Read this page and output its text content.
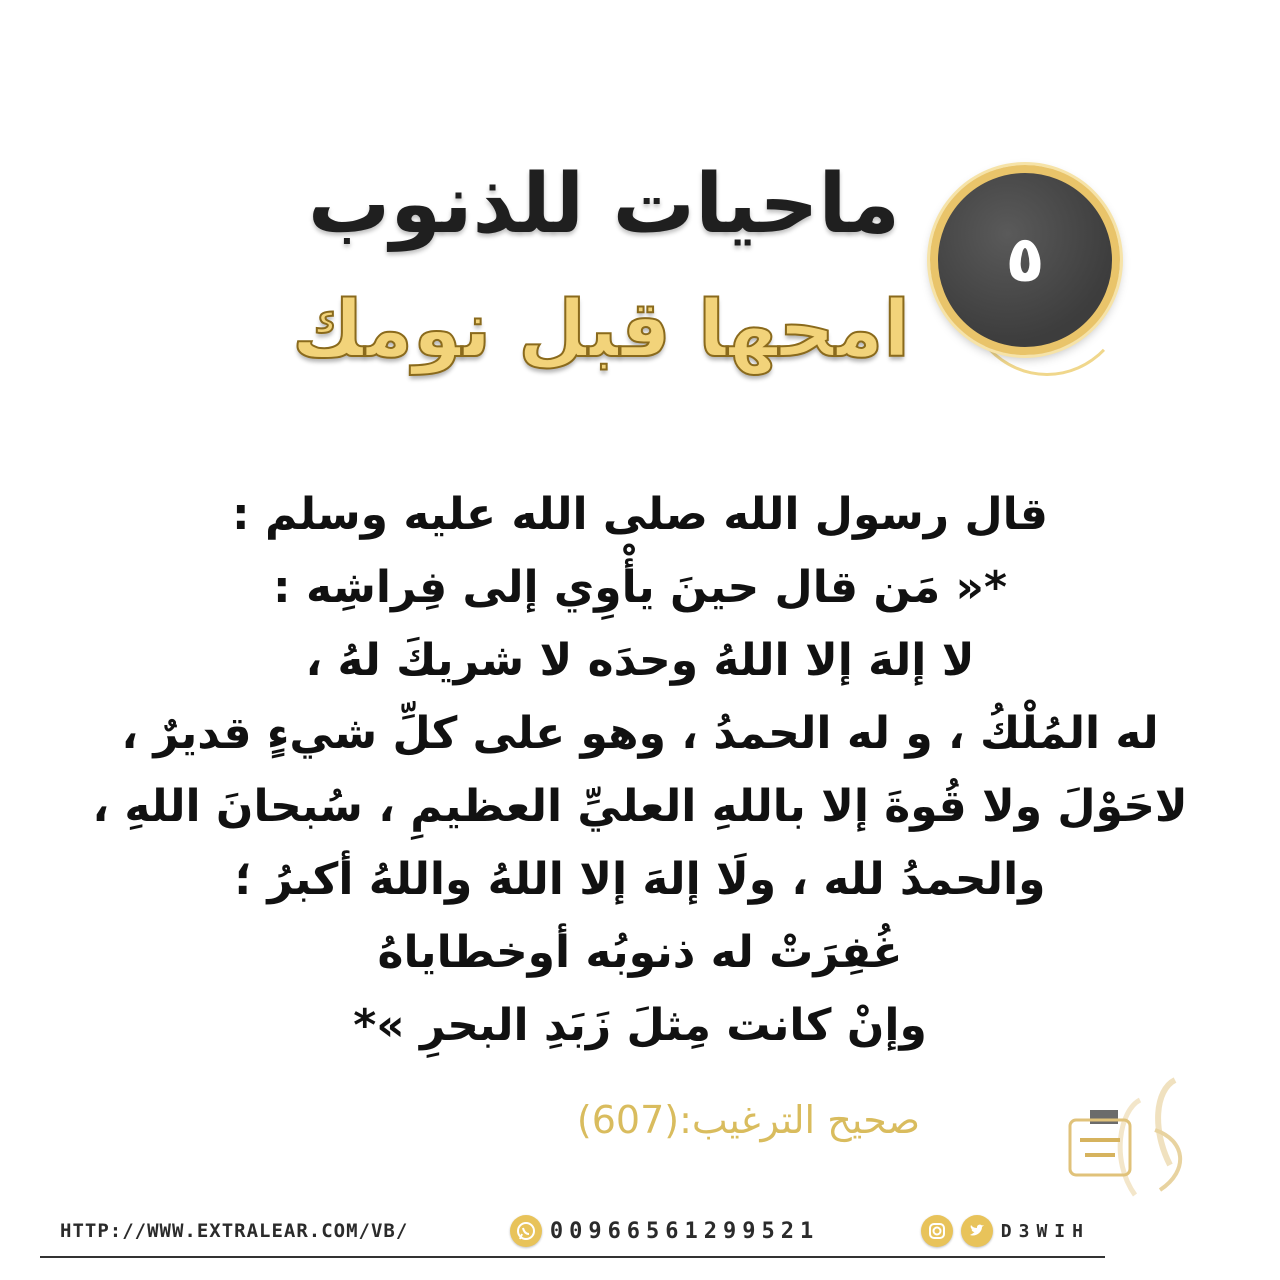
٥
ماحيات للذنوب
امحها قبل نومك
قال رسول الله صلى الله عليه وسلم :
*« مَن قال حينَ يأْوِي إلى فِراشِه :
لا إلهَ إلا اللهُ وحدَه لا شريكَ لهُ ،
له المُلْكُ ، و له الحمدُ ، وهو على كلِّ شيءٍ قديرٌ ،
لاحَوْلَ ولا قُوةَ إلا باللهِ العليِّ العظيمِ ، سُبحانَ اللهِ ،
والحمدُ لله ، ولَا إلهَ إلا اللهُ واللهُ أكبرُ ؛
غُفِرَتْ له ذنوبُه أوخطاياهُ
وإنْ كانت مِثلَ زَبَدِ البحرِ »*
صحيح الترغيب:(607)
HTTP://WWW.EXTRALEAR.COM/VB/	00966561299521	D3WIH
